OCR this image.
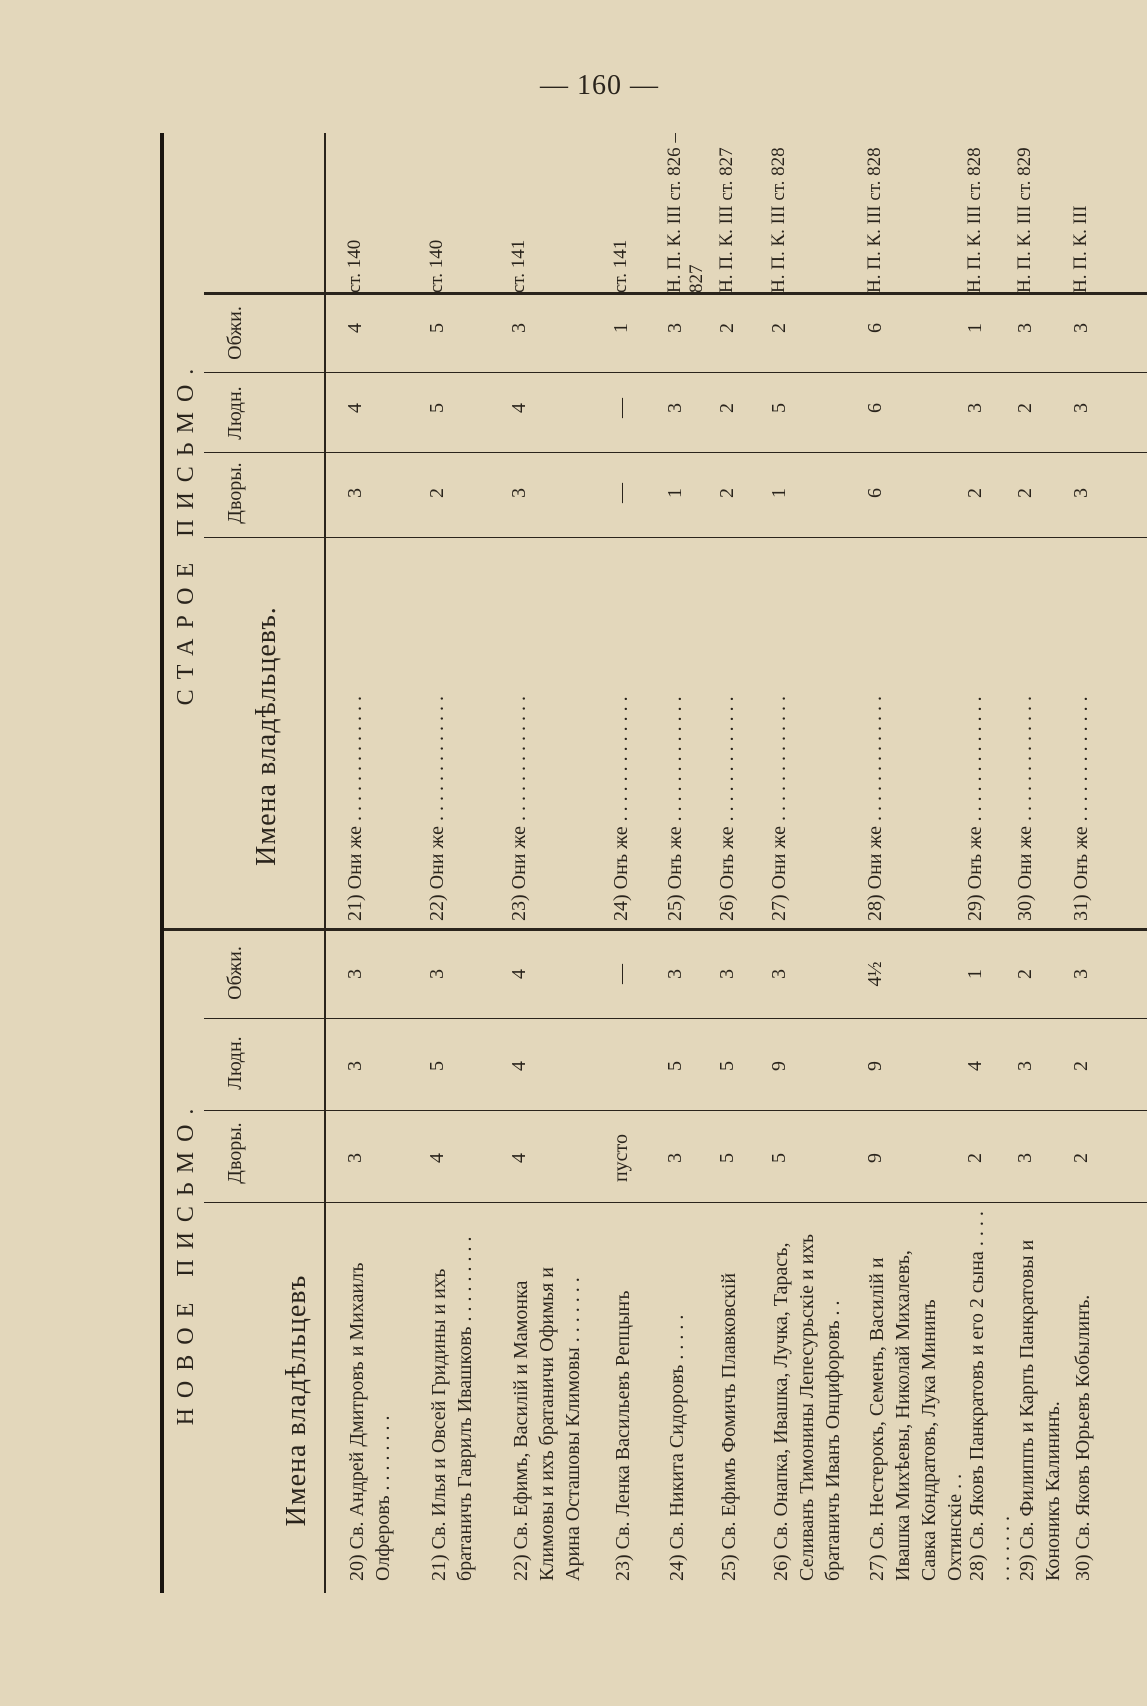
— 160 —
НОВОЕ ПИСЬМО.
СТАРОЕ ПИСЬМО.
Имена владѣльцевъ
Имена владѣльцевъ.
Дворы.
Людн.
Обжи.
Дворы.
Людн.
Обжи.
20) Св. Андрей Дмитровъ и Михаилъ Олферовъ . . . . . . . .
3
3
3
21) Они же . . . . . . . . . . . . .
3
4
4
ст. 140
21) Св. Илья и Овсей Гридины и ихъ братаничъ Гаврилъ Ивашковъ . . . . . . . . .
4
5
3
22) Они же . . . . . . . . . . . . .
2
5
5
ст. 140
22) Св. Ефимъ, Василій и Мамонка Климовы и ихъ братаничи Офимья и Арина Осташовы Климовы . . . . . . .
4
4
4
23) Они же . . . . . . . . . . . . .
3
4
3
ст. 141
23) Св. Ленка Васильевъ Репцынъ
пусто
—
24) Онъ же . . . . . . . . . . . . .
—
—
1
ст. 141
24) Св. Никита Сидоровъ . . . . .
3
5
3
25) Онъ же . . . . . . . . . . . . .
1
3
3
Н. П. К. III ст. 826 – 827
25) Св. Ефимъ Фомичъ Плавковскій
5
5
3
26) Онъ же . . . . . . . . . . . . .
2
2
2
Н. П. К. III ст. 827
26) Св. Онапка, Ивашка, Лучка, Тарасъ, Селиванъ Тимонины Лепесурьскіе и ихъ братаничъ Иванъ Онцифоровъ . .
5
9
3
27) Они же . . . . . . . . . . . . .
1
5
2
Н. П. К. III ст. 828
27) Св. Нестерокъ, Семенъ, Василій и Ивашка Михѣевы, Николай Михалевъ, Савка Кондратовъ, Лука Мининъ Охтинскіе . .
9
9
4½
28) Они же . . . . . . . . . . . . .
6
6
6
Н. П. К. III ст. 828
28) Св. Яковъ Панкратовъ и его 2 сына . . . . . . . . . . .
2
4
1
29) Онъ же . . . . . . . . . . . . .
2
3
1
Н. П. К. III ст. 828
29) Св. Филиппъ и Карпъ Панкратовы и Кононикъ Калининъ.
3
3
2
30) Они же . . . . . . . . . . . . .
2
2
3
Н. П. К. III ст. 829
30) Св. Яковъ Юрьевъ Кобылинъ.
2
2
3
31) Онъ же . . . . . . . . . . . . .
3
3
3
Н. П. К. III
